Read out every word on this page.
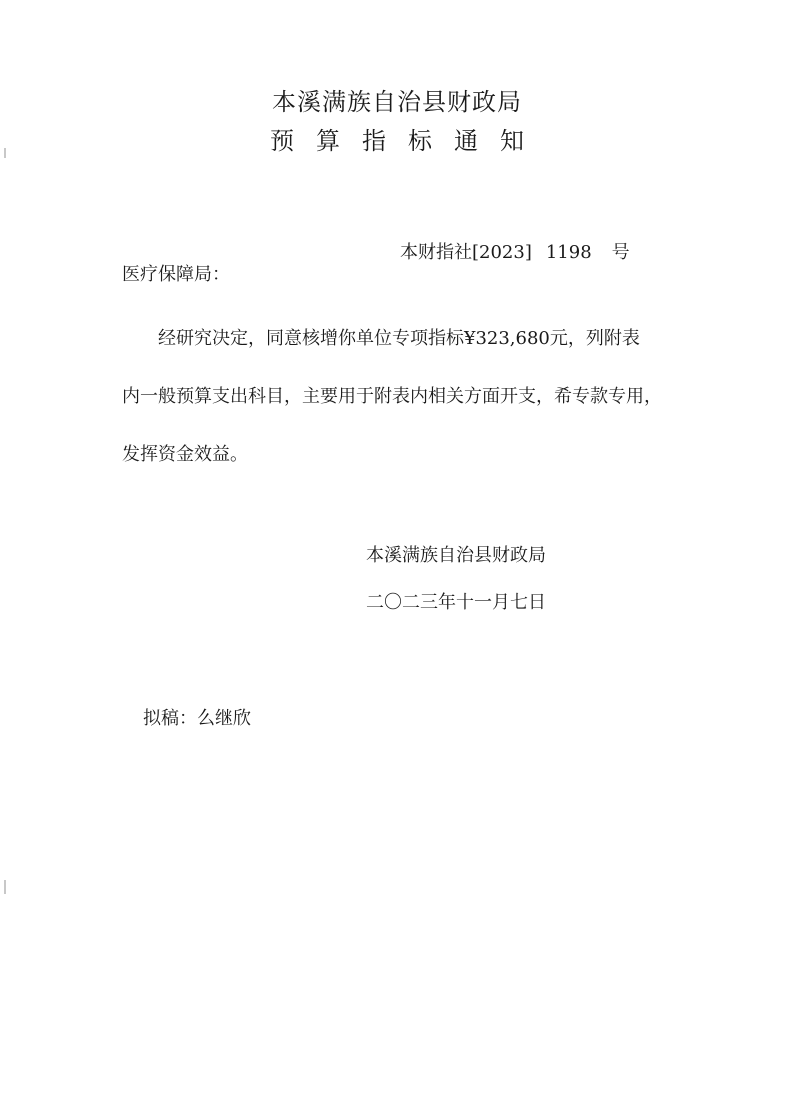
本溪满族自治县财政局
预算指标通知
本财指社[2023] 1198 号
医疗保障局：
经研究决定，同意核增你单位专项指标¥323,680元，列附表
内一般预算支出科目，主要用于附表内相关方面开支，希专款专用，
发挥资金效益。
本溪满族自治县财政局
二〇二三年十一月七日
拟稿：么继欣
